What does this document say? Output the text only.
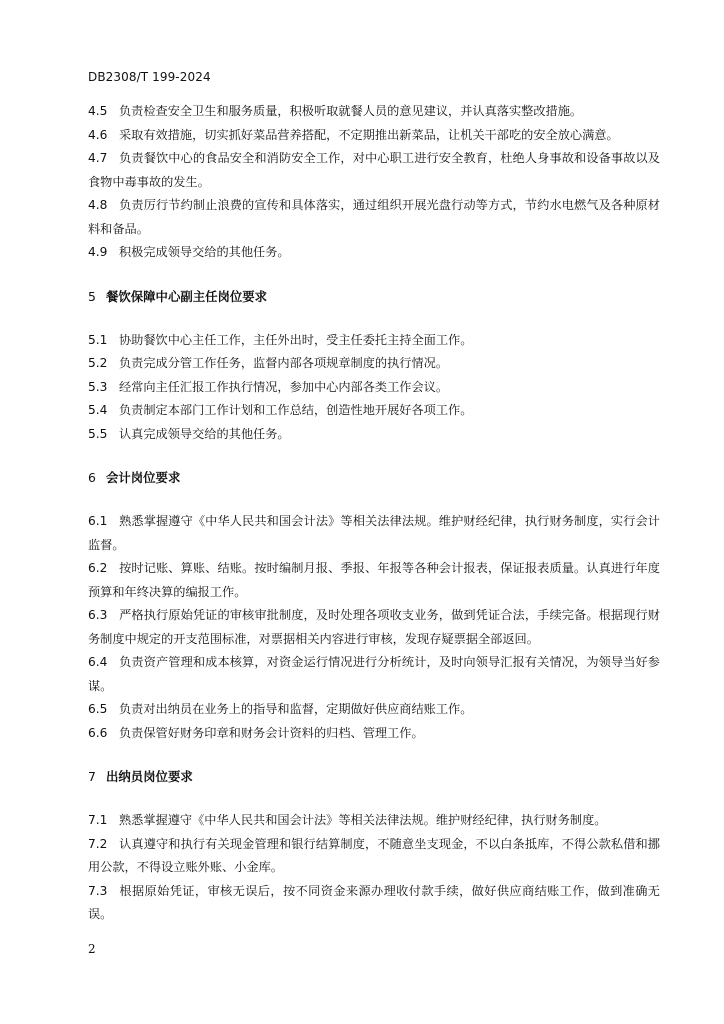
DB2308/T 199-2024

4.5 负责检查安全卫生和服务质量，积极听取就餐人员的意见建议，并认真落实整改措施。

4.6 采取有效措施，切实抓好菜品营养搭配，不定期推出新菜品，让机关干部吃的安全放心满意。

4.7 负责餐饮中心的食品安全和消防安全工作，对中心职工进行安全教育，杜绝人身事故和设备事故以及食物中毒事故的发生。

4.8 负责厉行节约制止浪费的宣传和具体落实，通过组织开展光盘行动等方式，节约水电燃气及各种原材料和备品。

4.9 积极完成领导交给的其他任务。

5 餐饮保障中心副主任岗位要求

5.1 协助餐饮中心主任工作，主任外出时，受主任委托主持全面工作。

5.2 负责完成分管工作任务，监督内部各项规章制度的执行情况。

5.3 经常向主任汇报工作执行情况，参加中心内部各类工作会议。

5.4 负责制定本部门工作计划和工作总结，创造性地开展好各项工作。

5.5 认真完成领导交给的其他任务。

6 会计岗位要求

6.1 熟悉掌握遵守《中华人民共和国会计法》等相关法律法规。维护财经纪律，执行财务制度，实行会计监督。

6.2 按时记账、算账、结账。按时编制月报、季报、年报等各种会计报表，保证报表质量。认真进行年度预算和年终决算的编报工作。

6.3 严格执行原始凭证的审核审批制度，及时处理各项收支业务，做到凭证合法，手续完备。根据现行财务制度中规定的开支范围标准，对票据相关内容进行审核，发现存疑票据全部返回。

6.4 负责资产管理和成本核算，对资金运行情况进行分析统计，及时向领导汇报有关情况，为领导当好参谋。

6.5 负责对出纳员在业务上的指导和监督，定期做好供应商结账工作。

6.6 负责保管好财务印章和财务会计资料的归档、管理工作。

7 出纳员岗位要求

7.1 熟悉掌握遵守《中华人民共和国会计法》等相关法律法规。维护财经纪律，执行财务制度。

7.2 认真遵守和执行有关现金管理和银行结算制度，不随意坐支现金，不以白条抵库，不得公款私借和挪用公款，不得设立账外账、小金库。

7.3 根据原始凭证，审核无误后，按不同资金来源办理收付款手续，做好供应商结账工作，做到准确无误。

2
